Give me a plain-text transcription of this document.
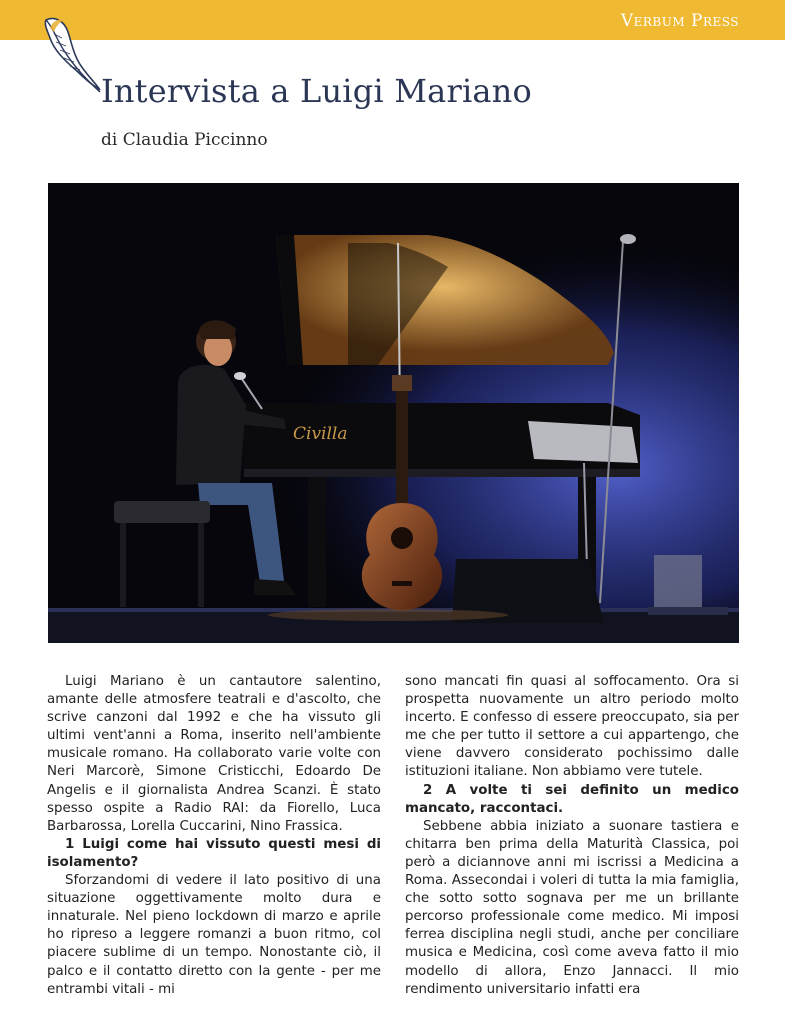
Verbum Press
Intervista a Luigi Mariano
di Claudia Piccinno
Civilla

Luigi Mariano è un cantautore salentino, amante delle atmosfere teatrali e d'ascolto, che scrive canzoni dal 1992 e che ha vissuto gli ultimi vent'anni a Roma, inserito nell'ambiente musicale romano. Ha collaborato varie volte con Neri Marcorè, Simone Cristicchi, Edoardo De Angelis e il giornalista Andrea Scanzi. È stato spesso ospite a Radio RAI: da Fiorello, Luca Barbarossa, Lorella Cuccarini, Nino Frassica.

1 Luigi come hai vissuto questi mesi di isolamento?

Sforzandomi di vedere il lato positivo di una situazione oggettivamente molto dura e innaturale. Nel pieno lockdown di marzo e aprile ho ripreso a leggere romanzi a buon ritmo, col piacere sublime di un tempo. Nonostante ciò, il palco e il contatto diretto con la gente - per me entrambi vitali - mi

sono mancati fin quasi al soffocamento. Ora si prospetta nuovamente un altro periodo molto incerto. E confesso di essere preoccupato, sia per me che per tutto il settore a cui appartengo, che viene davvero considerato pochissimo dalle istituzioni italiane. Non abbiamo vere tutele.

2 A volte ti sei definito un medico mancato, raccontaci.

Sebbene abbia iniziato a suonare tastiera e chitarra ben prima della Maturità Classica, poi però a diciannove anni mi iscrissi a Medicina a Roma. Assecondai i voleri di tutta la mia famiglia, che sotto sotto sognava per me un brillante percorso professionale come medico. Mi imposi ferrea disciplina negli studi, anche per conciliare musica e Medicina, così come aveva fatto il mio modello di allora, Enzo Jannacci. Il mio rendimento universitario infatti era
